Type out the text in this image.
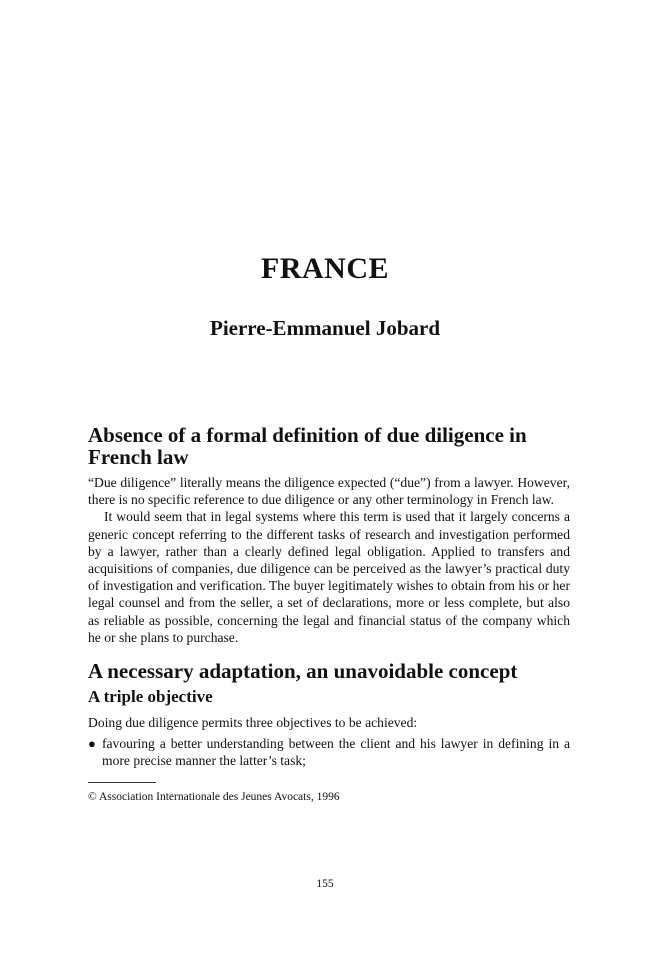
FRANCE

Pierre-Emmanuel Jobard

Absence of a formal definition of due diligence in French law

“Due diligence” literally means the diligence expected (“due”) from a lawyer. However, there is no specific reference to due diligence or any other terminology in French law.

It would seem that in legal systems where this term is used that it largely concerns a generic concept referring to the different tasks of research and investigation performed by a lawyer, rather than a clearly defined legal obligation. Applied to transfers and acquisitions of companies, due diligence can be perceived as the lawyer’s practical duty of investigation and verification. The buyer legitimately wishes to obtain from his or her legal counsel and from the seller, a set of declarations, more or less complete, but also as reliable as possible, concerning the legal and financial status of the company which he or she plans to purchase.

A necessary adaptation, an unavoidable concept
A triple objective

Doing due diligence permits three objectives to be achieved:

● favouring a better understanding between the client and his lawyer in defining in a more precise manner the latter’s task;

© Association Internationale des Jeunes Avocats, 1996

155
